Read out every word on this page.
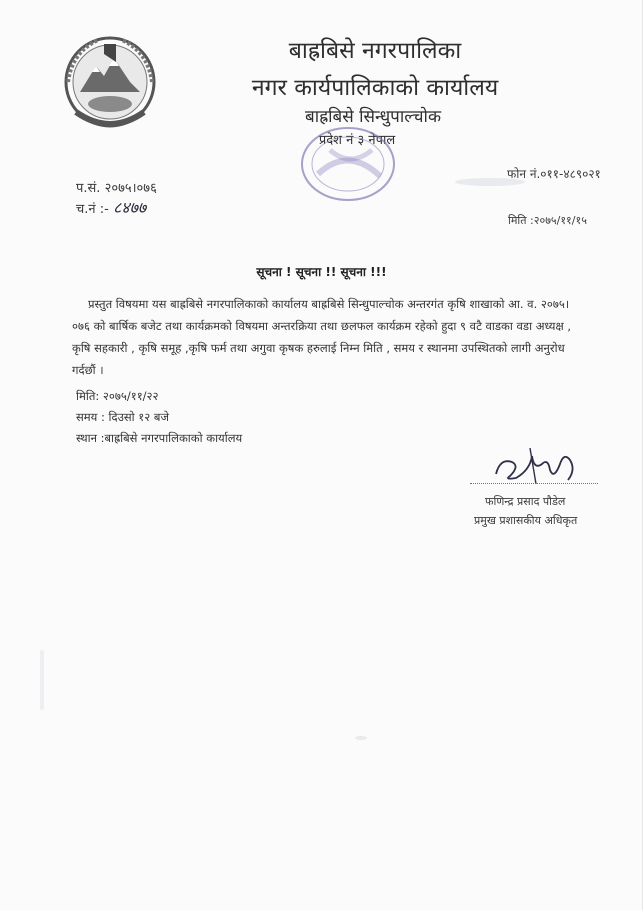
बाह्रबिसे नगरपालिका
नगर कार्यपालिकाको कार्यालय
बाह्रबिसे सिन्धुपाल्चोक
प्रदेश नं ३ नेपाल
प.सं. २०७५।०७६
च.नं :- ८४७७
फोन नं.०११-४८९०२१
मिति :२०७५/११/१५
सूचना ! सूचना !! सूचना !!!
प्रस्तुत विषयमा यस बाह्रबिसे नगरपालिकाको कार्यालय बाह्रबिसे सिन्धुपाल्चोक अन्तरगंत कृषि शाखाको आ. व. २०७५।०७६ को बार्षिक बजेट तथा कार्यक्रमको विषयमा अन्तरक्रिया तथा छलफल कार्यक्रम रहेको हुदा ९ वटै वाडका वडा अध्यक्ष , कृषि सहकारी , कृषि समूह ,कृषि फर्म तथा अगुवा कृषक हरुलाई निम्न मिति , समय र स्थानमा उपस्थितको लागी अनुरोध गर्दछौं ।
मिति: २०७५/११/२२
समय : दिउसो १२ बजे
स्थान :बाह्रबिसे नगरपालिकाको कार्यालय
फणिन्द्र प्रसाद पौडेल
प्रमुख प्रशासकीय अधिकृत
